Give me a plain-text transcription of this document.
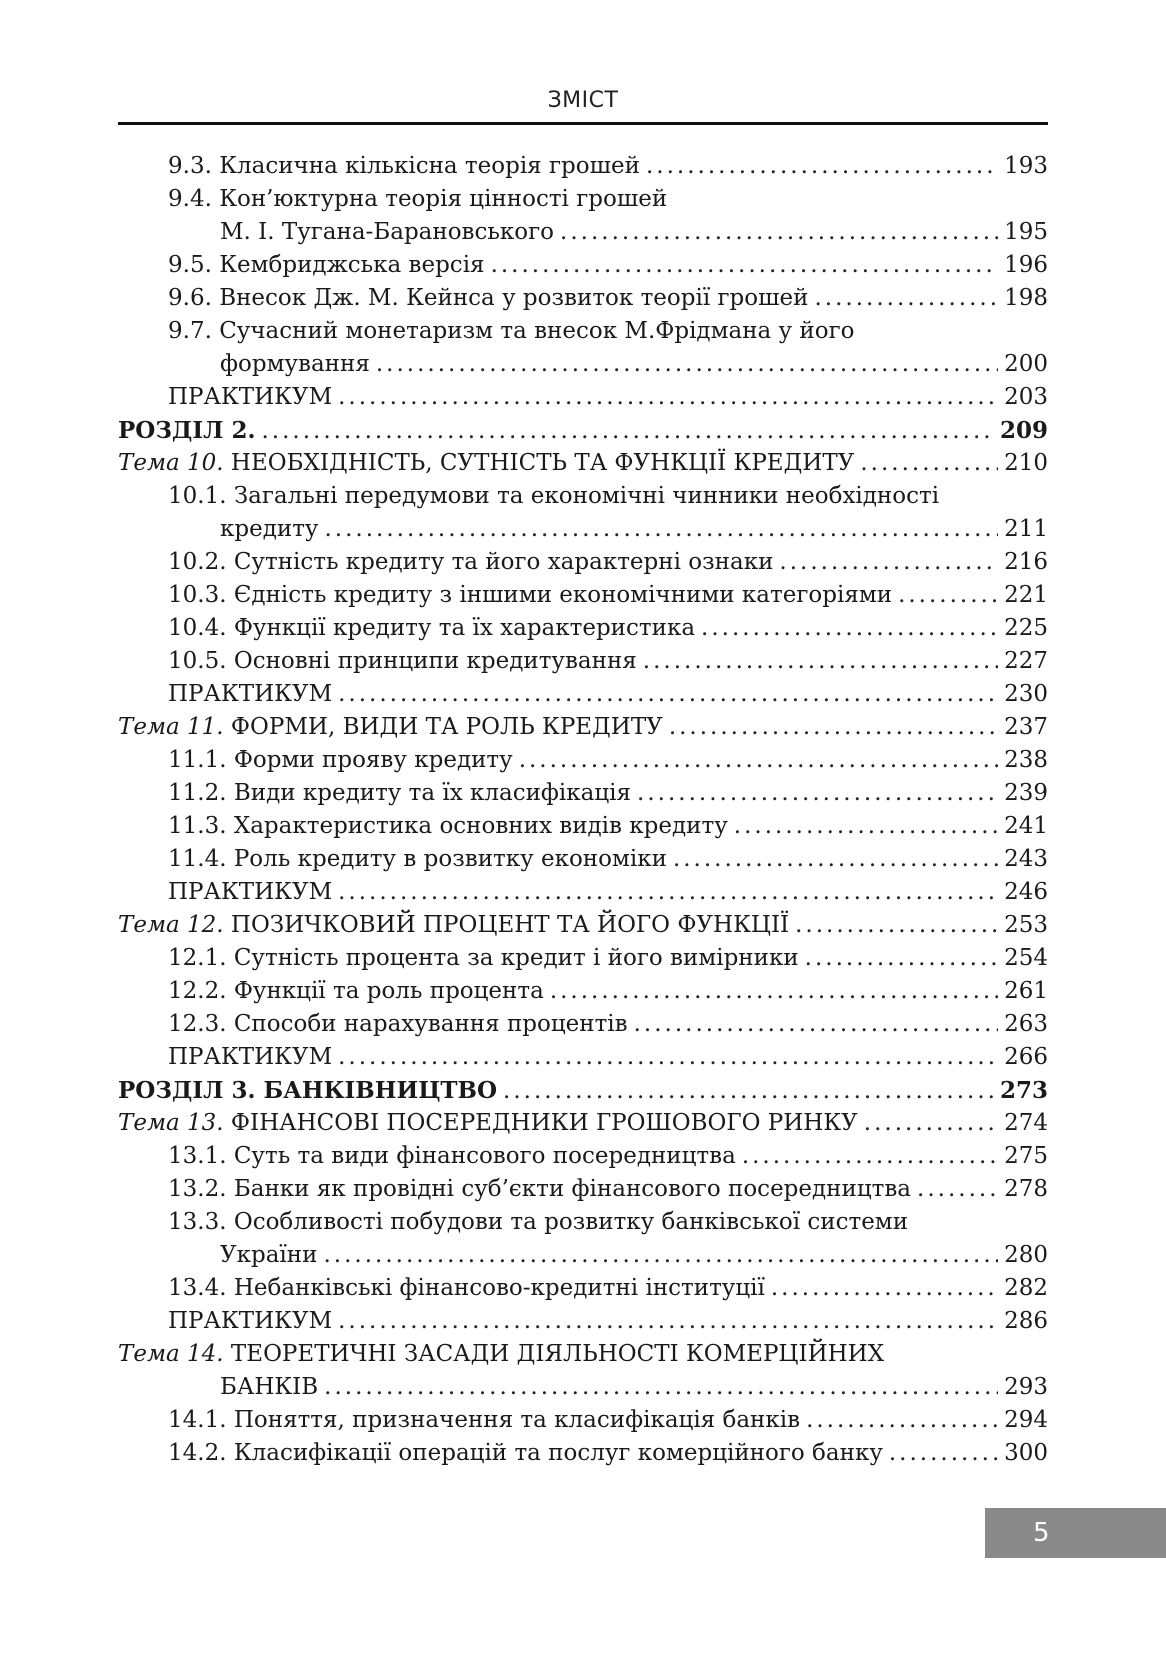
ЗМІСТ
9.3. Класична кількісна теорія грошей .....	193
9.4. Кон’юктурна теорія цінності грошей
М. І. Тугана-Барановського .....	195
9.5. Кембриджська версія .....	196
9.6. Внесок Дж. М. Кейнса у розвиток теорії грошей .....	198
9.7. Сучасний монетаризм та внесок М.Фрідмана у його
формування .....	200
ПРАКТИКУМ .....	203
РОЗДІЛ 2. .....	209
Тема 10. НЕОБХІДНІСТЬ, СУТНІСТЬ ТА ФУНКЦІЇ КРЕДИТУ .....	210
10.1. Загальні передумови та економічні чинники необхідності
кредиту .....	211
10.2. Сутність кредиту та його характерні ознаки .....	216
10.3. Єдність кредиту з іншими економічними категоріями .....	221
10.4. Функції кредиту та їх характеристика .....	225
10.5. Основні принципи кредитування .....	227
ПРАКТИКУМ .....	230
Тема 11. ФОРМИ, ВИДИ ТА РОЛЬ КРЕДИТУ .....	237
11.1. Форми прояву кредиту .....	238
11.2. Види кредиту та їх класифікація .....	239
11.3. Характеристика основних видів кредиту .....	241
11.4. Роль кредиту в розвитку економіки .....	243
ПРАКТИКУМ .....	246
Тема 12. ПОЗИЧКОВИЙ ПРОЦЕНТ ТА ЙОГО ФУНКЦІЇ .....	253
12.1. Сутність процента за кредит і його вимірники .....	254
12.2. Функції та роль процента .....	261
12.3. Способи нарахування процентів .....	263
ПРАКТИКУМ .....	266
РОЗДІЛ 3. БАНКІВНИЦТВО .....	273
Тема 13. ФІНАНСОВІ ПОСЕРЕДНИКИ ГРОШОВОГО РИНКУ .....	274
13.1. Суть та види фінансового посередництва .....	275
13.2. Банки як провідні суб’єкти фінансового посередництва .....	278
13.3. Особливості побудови та розвитку банківської системи
України .....	280
13.4. Небанківські фінансово-кредитні інституції .....	282
ПРАКТИКУМ .....	286
Тема 14. ТЕОРЕТИЧНІ ЗАСАДИ ДІЯЛЬНОСТІ КОМЕРЦІЙНИХ
БАНКІВ .....	293
14.1. Поняття, призначення та класифікація банків .....	294
14.2. Класифікації операцій та послуг комерційного банку .....	300
5
